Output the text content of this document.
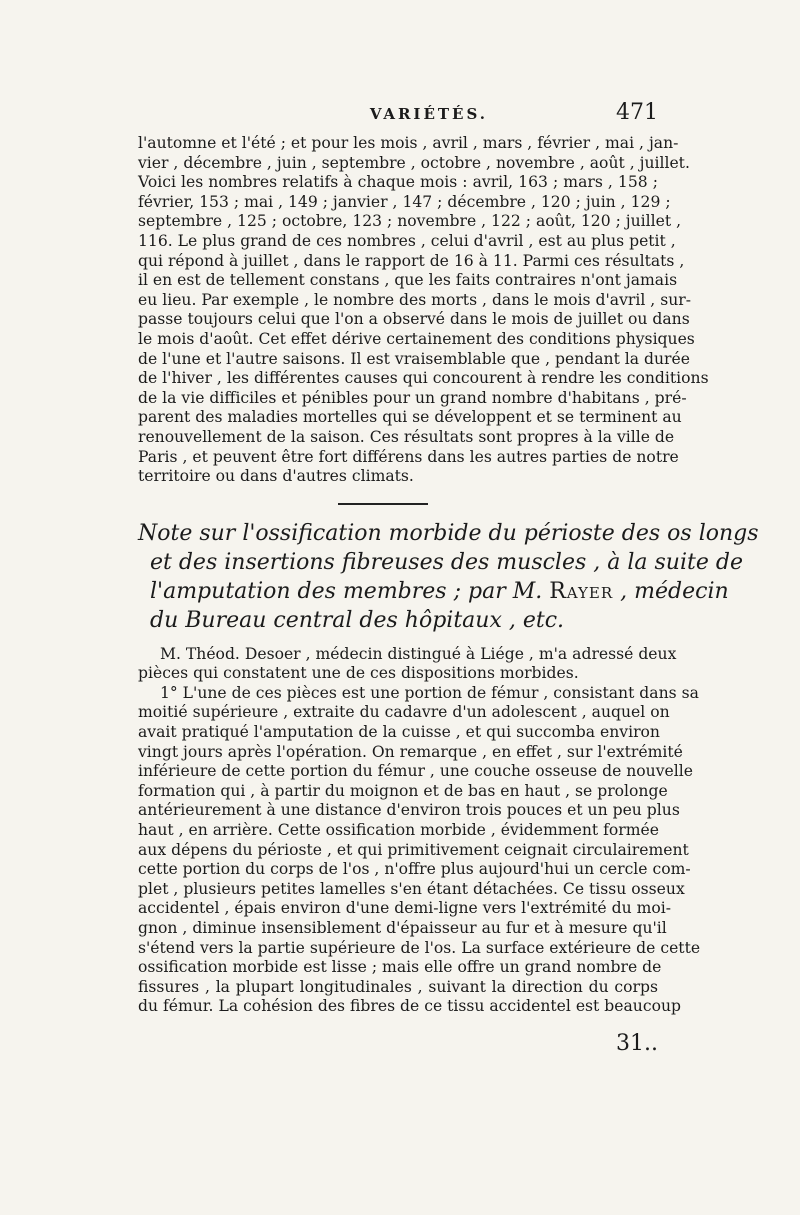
VARIÉTÉS.	471
l'automne et l'été ; et pour les mois , avril , mars , février , mai , jan-
vier , décembre , juin , septembre , octobre , novembre , août , juillet.
Voici les nombres relatifs à chaque mois : avril, 163 ; mars , 158 ;
février, 153 ; mai , 149 ; janvier , 147 ; décembre , 120 ; juin , 129 ;
septembre , 125 ; octobre, 123 ; novembre , 122 ; août, 120 ; juillet ,
116. Le plus grand de ces nombres , celui d'avril , est au plus petit ,
qui répond à juillet , dans le rapport de 16 à 11. Parmi ces résultats ,
il en est de tellement constans , que les faits contraires n'ont jamais
eu lieu. Par exemple , le nombre des morts , dans le mois d'avril , sur-
passe toujours celui que l'on a observé dans le mois de juillet ou dans
le mois d'août. Cet effet dérive certainement des conditions physiques
de l'une et l'autre saisons. Il est vraisemblable que , pendant la durée
de l'hiver , les différentes causes qui concourent à rendre les conditions
de la vie difficiles et pénibles pour un grand nombre d'habitans , pré-
parent des maladies mortelles qui se développent et se terminent au
renouvellement de la saison. Ces résultats sont propres à la ville de
Paris , et peuvent être fort différens dans les autres parties de notre
territoire ou dans d'autres climats.
Note sur l'ossification morbide du périoste des os longs
et des insertions fibreuses des muscles , à la suite de
l'amputation des membres ; par M. Rayer , médecin
du Bureau central des hôpitaux , etc.
M. Théod. Desoer , médecin distingué à Liége , m'a adressé deux
pièces qui constatent une de ces dispositions morbides.
1° L'une de ces pièces est une portion de fémur , consistant dans sa
moitié supérieure , extraite du cadavre d'un adolescent , auquel on
avait pratiqué l'amputation de la cuisse , et qui succomba environ
vingt jours après l'opération. On remarque , en effet , sur l'extrémité
inférieure de cette portion du fémur , une couche osseuse de nouvelle
formation qui , à partir du moignon et de bas en haut , se prolonge
antérieurement à une distance d'environ trois pouces et un peu plus
haut , en arrière. Cette ossification morbide , évidemment formée
aux dépens du périoste , et qui primitivement ceignait circulairement
cette portion du corps de l'os , n'offre plus aujourd'hui un cercle com-
plet , plusieurs petites lamelles s'en étant détachées. Ce tissu osseux
accidentel , épais environ d'une demi-ligne vers l'extrémité du moi-
gnon , diminue insensiblement d'épaisseur au fur et à mesure qu'il
s'étend vers la partie supérieure de l'os. La surface extérieure de cette
ossification morbide est lisse ; mais elle offre un grand nombre de
fissures , la plupart longitudinales , suivant la direction du corps
du fémur. La cohésion des fibres de ce tissu accidentel est beaucoup
31..
